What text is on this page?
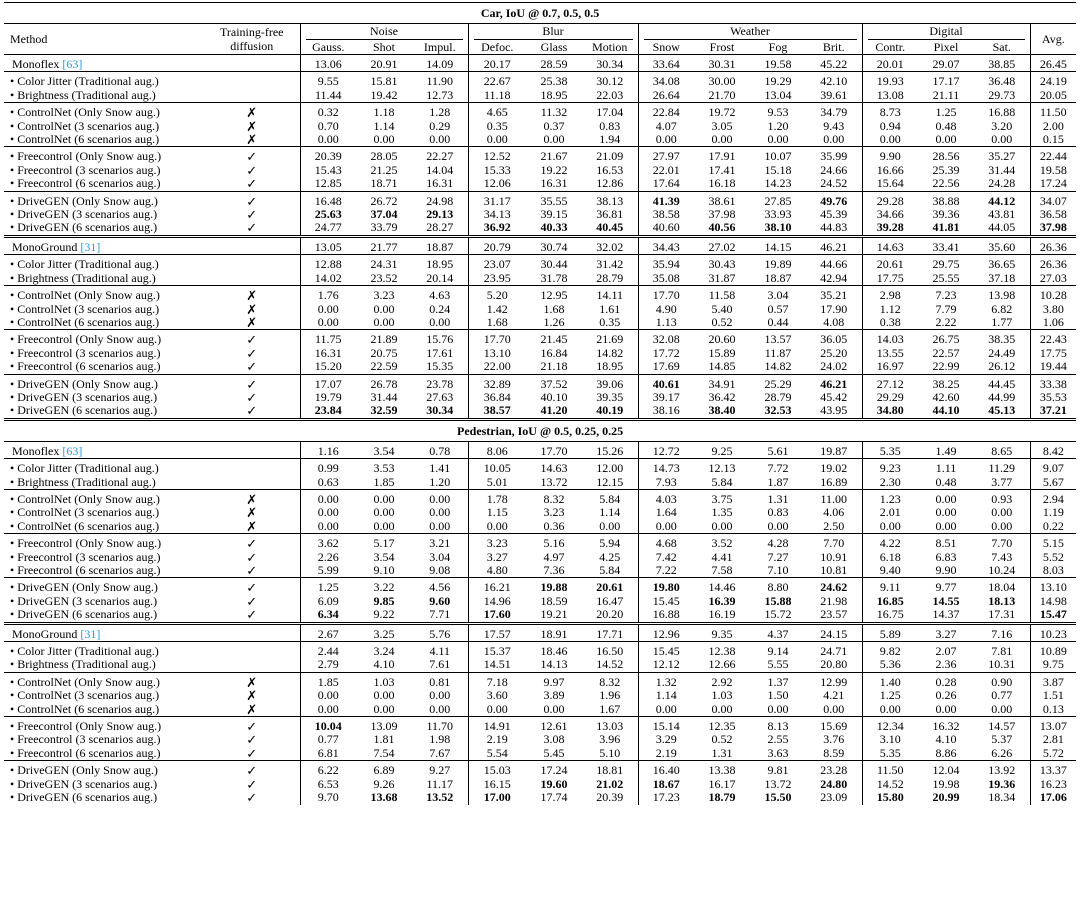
Car, IoU @ 0.7, 0.5, 0.5															
Method	Training-free
diffusion	Noise			Blur			Weather				Digital			Avg.
		Gauss.	Shot	Impul.	Defoc.	Glass	Motion	Snow	Frost	Fog	Brit.	Contr.	Pixel	Sat.	
Monoflex [63]		13.06	20.91	14.09	20.17	28.59	30.34	33.64	30.31	19.58	45.22	20.01	29.07	38.85	26.45
• Color Jitter (Traditional aug.)		9.55	15.81	11.90	22.67	25.38	30.12	34.08	30.00	19.29	42.10	19.93	17.17	36.48	24.19
• Brightness (Traditional aug.)		11.44	19.42	12.73	11.18	18.95	22.03	26.64	21.70	13.04	39.61	13.08	21.11	29.73	20.05
• ControlNet (Only Snow aug.)	✗	0.32	1.18	1.28	4.65	11.32	17.04	22.84	19.72	9.53	34.79	8.73	1.25	16.88	11.50
• ControlNet (3 scenarios aug.)	✗	0.70	1.14	0.29	0.35	0.37	0.83	4.07	3.05	1.20	9.43	0.94	0.48	3.20	2.00
• ControlNet (6 scenarios aug.)	✗	0.00	0.00	0.00	0.00	0.00	1.94	0.00	0.00	0.00	0.00	0.00	0.00	0.00	0.15
• Freecontrol (Only Snow aug.)	✓	20.39	28.05	22.27	12.52	21.67	21.09	27.97	17.91	10.07	35.99	9.90	28.56	35.27	22.44
• Freecontrol (3 scenarios aug.)	✓	15.43	21.25	14.04	15.33	19.22	16.53	22.01	17.41	15.18	24.66	16.66	25.39	31.44	19.58
• Freecontrol (6 scenarios aug.)	✓	12.85	18.71	16.31	12.06	16.31	12.86	17.64	16.18	14.23	24.52	15.64	22.56	24.28	17.24
• DriveGEN (Only Snow aug.)	✓	16.48	26.72	24.98	31.17	35.55	38.13	41.39	38.61	27.85	49.76	29.28	38.88	44.12	34.07
• DriveGEN (3 scenarios aug.)	✓	25.63	37.04	29.13	34.13	39.15	36.81	38.58	37.98	33.93	45.39	34.66	39.36	43.81	36.58
• DriveGEN (6 scenarios aug.)	✓	24.77	33.79	28.27	36.92	40.33	40.45	40.60	40.56	38.10	44.83	39.28	41.81	44.05	37.98
MonoGround [31]		13.05	21.77	18.87	20.79	30.74	32.02	34.43	27.02	14.15	46.21	14.63	33.41	35.60	26.36
• Color Jitter (Traditional aug.)		12.88	24.31	18.95	23.07	30.44	31.42	35.94	30.43	19.89	44.66	20.61	29.75	36.65	26.36
• Brightness (Traditional aug.)		14.02	23.52	20.14	23.95	31.78	28.79	35.08	31.87	18.87	42.94	17.75	25.55	37.18	27.03
• ControlNet (Only Snow aug.)	✗	1.76	3.23	4.63	5.20	12.95	14.11	17.70	11.58	3.04	35.21	2.98	7.23	13.98	10.28
• ControlNet (3 scenarios aug.)	✗	0.00	0.00	0.24	1.42	1.68	1.61	4.90	5.40	0.57	17.90	1.12	7.79	6.82	3.80
• ControlNet (6 scenarios aug.)	✗	0.00	0.00	0.00	1.68	1.26	0.35	1.13	0.52	0.44	4.08	0.38	2.22	1.77	1.06
• Freecontrol (Only Snow aug.)	✓	11.75	21.89	15.76	17.70	21.45	21.69	32.08	20.60	13.57	36.05	14.03	26.75	38.35	22.43
• Freecontrol (3 scenarios aug.)	✓	16.31	20.75	17.61	13.10	16.84	14.82	17.72	15.89	11.87	25.20	13.55	22.57	24.49	17.75
• Freecontrol (6 scenarios aug.)	✓	15.20	22.59	15.35	22.00	21.18	18.95	17.69	14.85	14.82	24.02	16.97	22.99	26.12	19.44
• DriveGEN (Only Snow aug.)	✓	17.07	26.78	23.78	32.89	37.52	39.06	40.61	34.91	25.29	46.21	27.12	38.25	44.45	33.38
• DriveGEN (3 scenarios aug.)	✓	19.79	31.44	27.63	36.84	40.10	39.35	39.17	36.42	28.79	45.42	29.29	42.60	44.99	35.53
• DriveGEN (6 scenarios aug.)	✓	23.84	32.59	30.34	38.57	41.20	40.19	38.16	38.40	32.53	43.95	34.80	44.10	45.13	37.21
Pedestrian, IoU @ 0.5, 0.25, 0.25															
Monoflex [63]		1.16	3.54	0.78	8.06	17.70	15.26	12.72	9.25	5.61	19.87	5.35	1.49	8.65	8.42
• Color Jitter (Traditional aug.)		0.99	3.53	1.41	10.05	14.63	12.00	14.73	12.13	7.72	19.02	9.23	1.11	11.29	9.07
• Brightness (Traditional aug.)		0.63	1.85	1.20	5.01	13.72	12.15	7.93	5.84	1.87	16.89	2.30	0.48	3.77	5.67
• ControlNet (Only Snow aug.)	✗	0.00	0.00	0.00	1.78	8.32	5.84	4.03	3.75	1.31	11.00	1.23	0.00	0.93	2.94
• ControlNet (3 scenarios aug.)	✗	0.00	0.00	0.00	1.15	3.23	1.14	1.64	1.35	0.83	4.06	2.01	0.00	0.00	1.19
• ControlNet (6 scenarios aug.)	✗	0.00	0.00	0.00	0.00	0.36	0.00	0.00	0.00	0.00	2.50	0.00	0.00	0.00	0.22
• Freecontrol (Only Snow aug.)	✓	3.62	5.17	3.21	3.23	5.16	5.94	4.68	3.52	4.28	7.70	4.22	8.51	7.70	5.15
• Freecontrol (3 scenarios aug.)	✓	2.26	3.54	3.04	3.27	4.97	4.25	7.42	4.41	7.27	10.91	6.18	6.83	7.43	5.52
• Freecontrol (6 scenarios aug.)	✓	5.99	9.10	9.08	4.80	7.36	5.84	7.22	7.58	7.10	10.81	9.40	9.90	10.24	8.03
• DriveGEN (Only Snow aug.)	✓	1.25	3.22	4.56	16.21	19.88	20.61	19.80	14.46	8.80	24.62	9.11	9.77	18.04	13.10
• DriveGEN (3 scenarios aug.)	✓	6.09	9.85	9.60	14.96	18.59	16.47	15.45	16.39	15.88	21.98	16.85	14.55	18.13	14.98
• DriveGEN (6 scenarios aug.)	✓	6.34	9.22	7.71	17.60	19.21	20.20	16.88	16.19	15.72	23.57	16.75	14.37	17.31	15.47
MonoGround [31]		2.67	3.25	5.76	17.57	18.91	17.71	12.96	9.35	4.37	24.15	5.89	3.27	7.16	10.23
• Color Jitter (Traditional aug.)		2.44	3.24	4.11	15.37	18.46	16.50	15.45	12.38	9.14	24.71	9.82	2.07	7.81	10.89
• Brightness (Traditional aug.)		2.79	4.10	7.61	14.51	14.13	14.52	12.12	12.66	5.55	20.80	5.36	2.36	10.31	9.75
• ControlNet (Only Snow aug.)	✗	1.85	1.03	0.81	7.18	9.97	8.32	1.32	2.92	1.37	12.99	1.40	0.28	0.90	3.87
• ControlNet (3 scenarios aug.)	✗	0.00	0.00	0.00	3.60	3.89	1.96	1.14	1.03	1.50	4.21	1.25	0.26	0.77	1.51
• ControlNet (6 scenarios aug.)	✗	0.00	0.00	0.00	0.00	0.00	1.67	0.00	0.00	0.00	0.00	0.00	0.00	0.00	0.13
• Freecontrol (Only Snow aug.)	✓	10.04	13.09	11.70	14.91	12.61	13.03	15.14	12.35	8.13	15.69	12.34	16.32	14.57	13.07
• Freecontrol (3 scenarios aug.)	✓	0.77	1.81	1.98	2.19	3.08	3.96	3.29	0.52	2.55	3.76	3.10	4.10	5.37	2.81
• Freecontrol (6 scenarios aug.)	✓	6.81	7.54	7.67	5.54	5.45	5.10	2.19	1.31	3.63	8.59	5.35	8.86	6.26	5.72
• DriveGEN (Only Snow aug.)	✓	6.22	6.89	9.27	15.03	17.24	18.81	16.40	13.38	9.81	23.28	11.50	12.04	13.92	13.37
• DriveGEN (3 scenarios aug.)	✓	6.53	9.26	11.17	16.15	19.60	21.02	18.67	16.17	13.72	24.80	14.52	19.98	19.36	16.23
• DriveGEN (6 scenarios aug.)	✓	9.70	13.68	13.52	17.00	17.74	20.39	17.23	18.79	15.50	23.09	15.80	20.99	18.34	17.06
